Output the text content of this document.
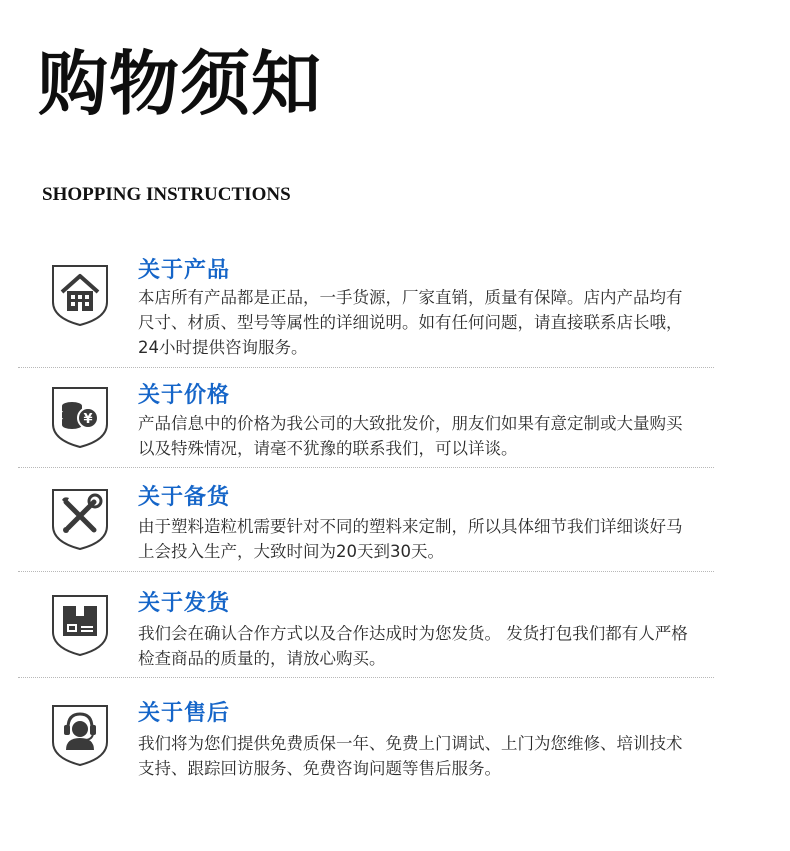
购物须知
SHOPPING INSTRUCTIONS
关于产品
本店所有产品都是正品，一手货源，厂家直销，质量有保障。店内产品均有尺寸、材质、型号等属性的详细说明。如有任何问题，请直接联系店长哦，24小时提供咨询服务。
¥
关于价格
产品信息中的价格为我公司的大致批发价，朋友们如果有意定制或大量购买以及特殊情况，请毫不犹豫的联系我们，可以详谈。
关于备货
由于塑料造粒机需要针对不同的塑料来定制，所以具体细节我们详细谈好马上会投入生产，大致时间为20天到30天。
关于发货
我们会在确认合作方式以及合作达成时为您发货。 发货打包我们都有人严格检查商品的质量的，请放心购买。
关于售后
我们将为您们提供免费质保一年、免费上门调试、上门为您维修、培训技术支持、跟踪回访服务、免费咨询问题等售后服务。
